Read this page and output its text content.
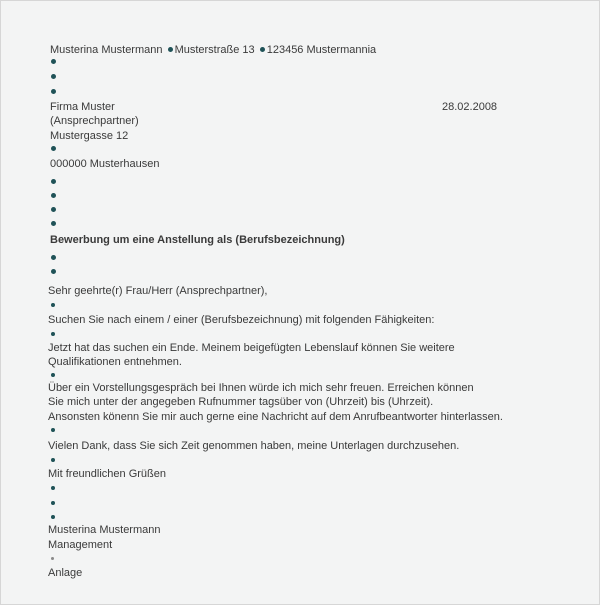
Musterina Mustermann Musterstraße 13 123456 Mustermannia
Firma Muster
(Ansprechpartner)
Mustergasse 12
000000 Musterhausen
28.02.2008
Bewerbung um eine Anstellung als (Berufsbezeichnung)
Sehr geehrte(r) Frau/Herr (Ansprechpartner),
Suchen Sie nach einem / einer (Berufsbezeichnung) mit folgenden Fähigkeiten:
Jetzt hat das suchen ein Ende. Meinem beigefügten Lebenslauf können Sie weitere
Qualifikationen entnehmen.
Über ein Vorstellungsgespräch bei Ihnen würde ich mich sehr freuen. Erreichen können
Sie mich unter der angegeben Rufnummer tagsüber von (Uhrzeit) bis (Uhrzeit).
Ansonsten könenn Sie mir auch gerne eine Nachricht auf dem Anrufbeantworter hinterlassen.
Vielen Dank, dass Sie sich Zeit genommen haben, meine Unterlagen durchzusehen.
Mit freundlichen Grüßen
Musterina Mustermann
Management
Anlage
